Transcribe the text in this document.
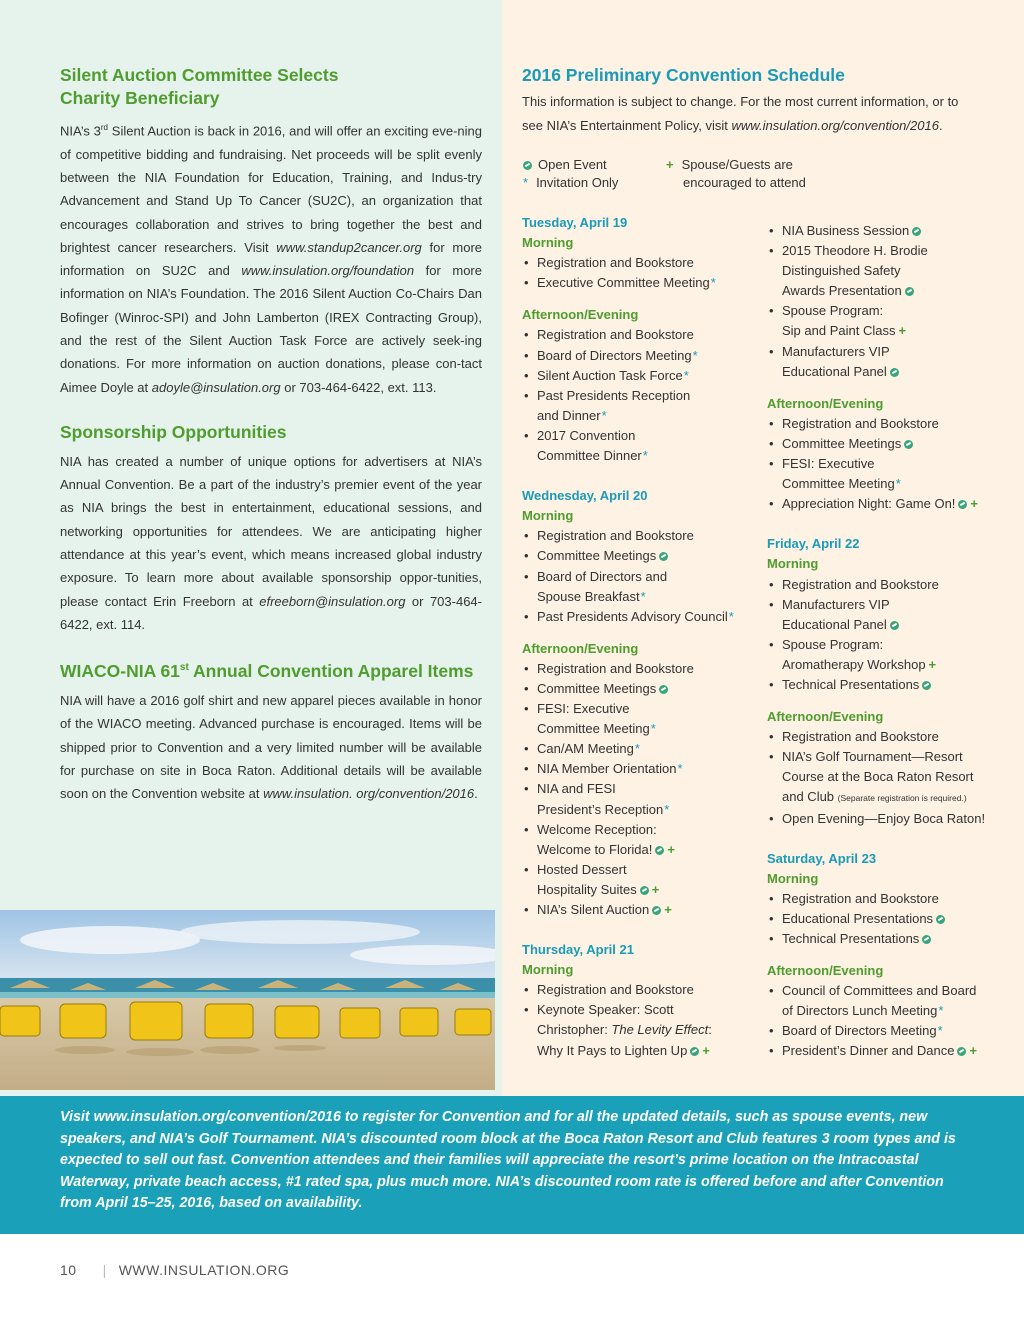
Silent Auction Committee Selects
Charity Beneficiary

NIA’s 3rd Silent Auction is back in 2016, and will offer an exciting eve-ning of competitive bidding and fundraising. Net proceeds will be split evenly between the NIA Foundation for Education, Training, and Indus-try Advancement and Stand Up To Cancer (SU2C), an organization that encourages collaboration and strives to bring together the best and brightest cancer researchers. Visit www.standup2cancer.org for more information on SU2C and www.insulation.org/foundation for more information on NIA’s Foundation. The 2016 Silent Auction Co-Chairs Dan Bofinger (Winroc-SPI) and John Lamberton (IREX Contracting Group), and the rest of the Silent Auction Task Force are actively seek-ing donations. For more information on auction donations, please con-tact Aimee Doyle at adoyle@insulation.org or 703-464-6422, ext. 113.

Sponsorship Opportunities

NIA has created a number of unique options for advertisers at NIA’s Annual Convention. Be a part of the industry’s premier event of the year as NIA brings the best in entertainment, educational sessions, and networking opportunities for attendees. We are anticipating higher attendance at this year’s event, which means increased global industry exposure. To learn more about available sponsorship oppor-tunities, please contact Erin Freeborn at efreeborn@insulation.org or 703-464-6422, ext. 114.

WIACO-NIA 61st Annual Convention Apparel Items

NIA will have a 2016 golf shirt and new apparel pieces available in honor of the WIACO meeting. Advanced purchase is encouraged. Items will be shipped prior to Convention and a very limited number will be available for purchase on site in Boca Raton. Additional details will be available soon on the Convention website at www.insulation. org/convention/2016.

2016 Preliminary Convention Schedule
This information is subject to change. For the most current information, or to see NIA’s Entertainment Policy, visit www.insulation.org/convention/2016.
Open Event
* Invitation Only
+ Spouse/Guests are
encouraged to attend
Tuesday, April 19
Morning
• Registration and Bookstore
• Executive Committee Meeting*
Afternoon/Evening
• Registration and Bookstore
• Board of Directors Meeting*
• Silent Auction Task Force*
• Past Presidents Reception
and Dinner*
• 2017 Convention
Committee Dinner*
Wednesday, April 20
Morning
• Registration and Bookstore
• Committee Meetings
• Board of Directors and
Spouse Breakfast*
• Past Presidents Advisory Council*
Afternoon/Evening
• Registration and Bookstore
• Committee Meetings
• FESI: Executive
Committee Meeting*
• Can/AM Meeting*
• NIA Member Orientation*
• NIA and FESI
President’s Reception*
• Welcome Reception:
Welcome to Florida! +
• Hosted Dessert
Hospitality Suites +
• NIA’s Silent Auction +
Thursday, April 21
Morning
• Registration and Bookstore
• Keynote Speaker: Scott
Christopher: The Levity Effect:
Why It Pays to Lighten Up +
• NIA Business Session
• 2015 Theodore H. Brodie
Distinguished Safety
Awards Presentation
• Spouse Program:
Sip and Paint Class +
• Manufacturers VIP
Educational Panel
Afternoon/Evening
• Registration and Bookstore
• Committee Meetings
• FESI: Executive
Committee Meeting*
• Appreciation Night: Game On! +
Friday, April 22
Morning
• Registration and Bookstore
• Manufacturers VIP
Educational Panel
• Spouse Program:
Aromatherapy Workshop +
• Technical Presentations
Afternoon/Evening
• Registration and Bookstore
• NIA’s Golf Tournament—Resort
Course at the Boca Raton Resort
and Club (Separate registration is required.)
• Open Evening—Enjoy Boca Raton!
Saturday, April 23
Morning
• Registration and Bookstore
• Educational Presentations
• Technical Presentations
Afternoon/Evening
• Council of Committees and Board
of Directors Lunch Meeting*
• Board of Directors Meeting*
• President’s Dinner and Dance +
Visit www.insulation.org/convention/2016 to register for Convention and for all the updated details, such as spouse events, new speakers, and NIA’s Golf Tournament. NIA’s discounted room block at the Boca Raton Resort and Club features 3 room types and is expected to sell out fast. Convention attendees and their families will appreciate the resort’s prime location on the Intracoastal Waterway, private beach access, #1 rated spa, plus much more. NIA’s discounted room rate is offered before and after Convention from April 15–25, 2016, based on availability.
10 | WWW.INSULATION.ORG
